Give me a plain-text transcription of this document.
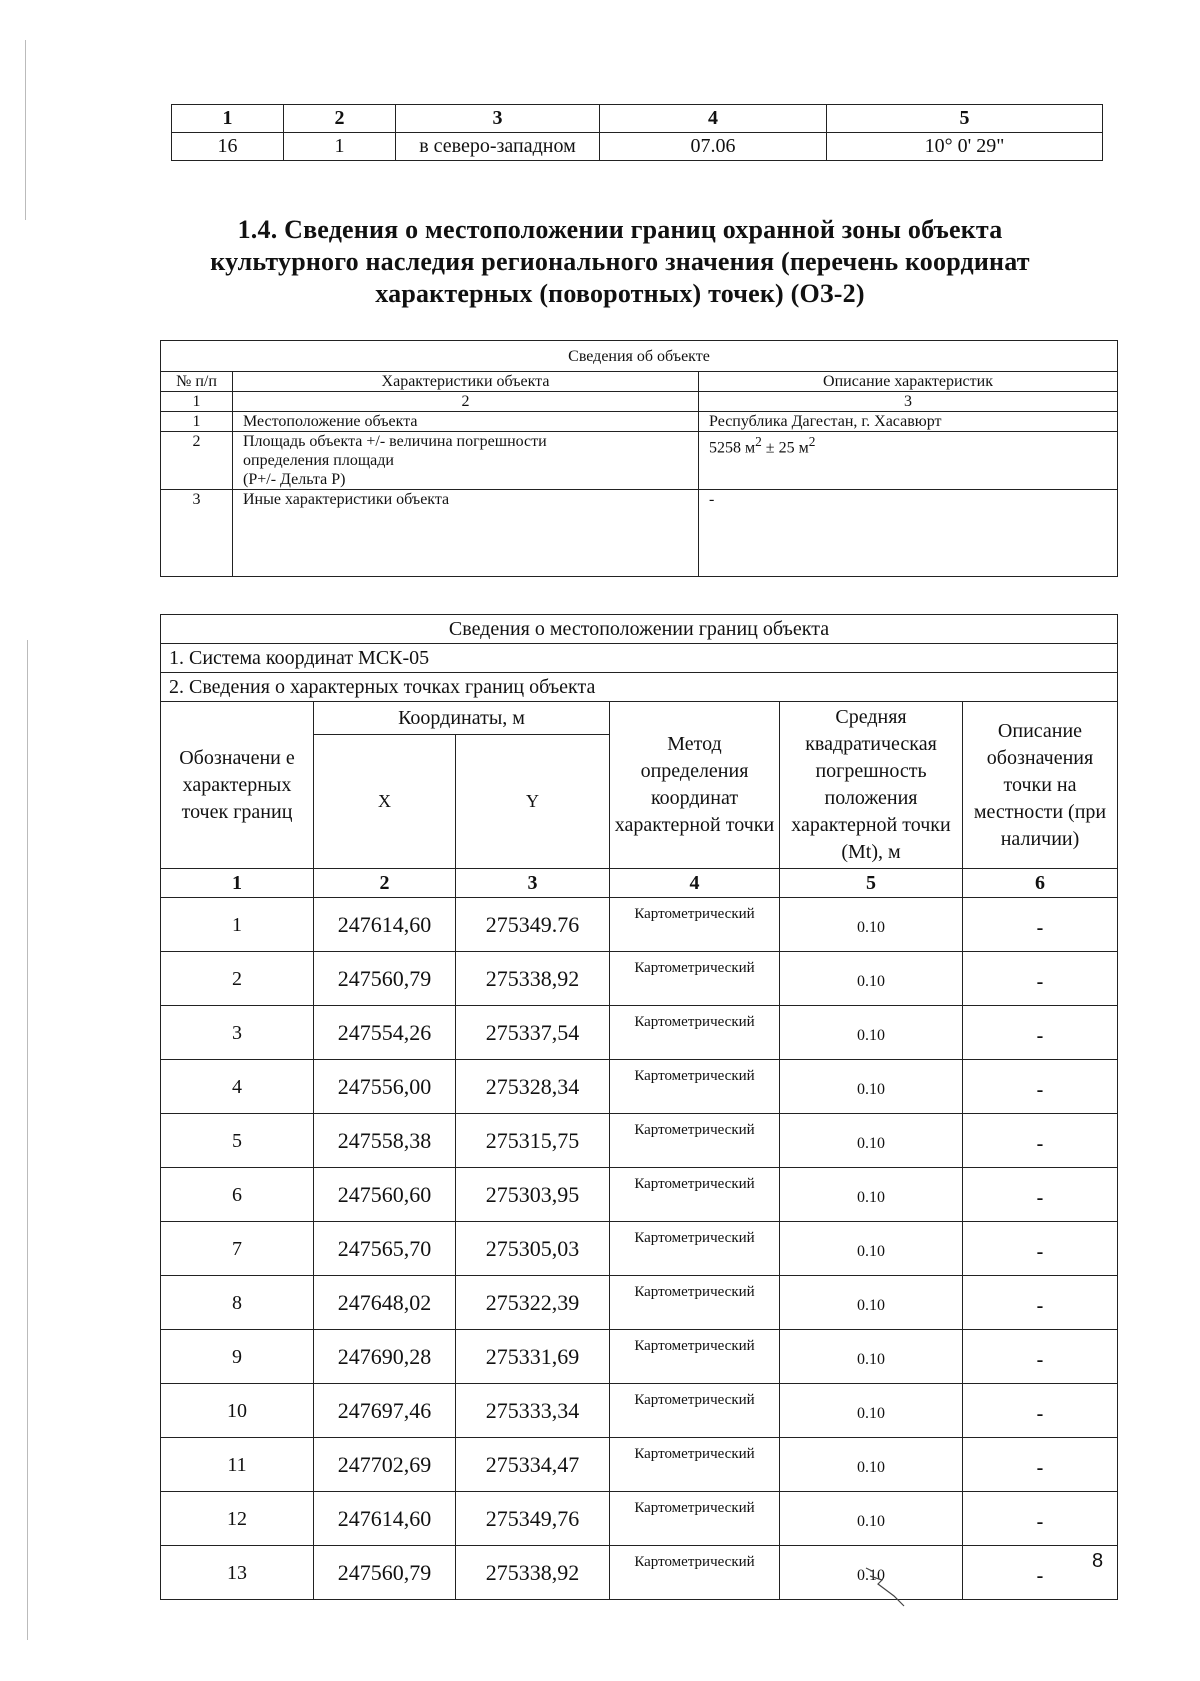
1	2	3	4	5
16	1	в северо-западном	07.06	10° 0' 29"
1.4. Сведения о местоположении границ охранной зоны объекта
культурного наследия регионального значения (перечень координат
характерных (поворотных) точек) (ОЗ-2)
Сведения об объекте		
№ п/п	Характеристики объекта	Описание характеристик
1	2	3
1	Местоположение объекта	Республика Дагестан, г. Хасавюрт
2	Площадь объекта +/- величина погрешности
определения площади
(P+/- Дельта P)	5258 $м^2 \pm 25$ $м^2$
3	Иные характеристики объекта	-
Сведения о местоположении границ объекта					
1. Система координат МСК-05					
2. Сведения о характерных точках границ объекта					
Обозначени е характерных точек границ	Координаты, м		Метод определения координат характерной точки	Средняя квадратическая погрешность положения характерной точки (Mt), м	Описание обозначения точки на местности (при наличии)
	X	Y			
1	2	3	4	5	6
1	247614,60	275349.76	Картометрический	0.10	-
2	247560,79	275338,92	Картометрический	0.10	-
3	247554,26	275337,54	Картометрический	0.10	-
4	247556,00	275328,34	Картометрический	0.10	-
5	247558,38	275315,75	Картометрический	0.10	-
6	247560,60	275303,95	Картометрический	0.10	-
7	247565,70	275305,03	Картометрический	0.10	-
8	247648,02	275322,39	Картометрический	0.10	-
9	247690,28	275331,69	Картометрический	0.10	-
10	247697,46	275333,34	Картометрический	0.10	-
11	247702,69	275334,47	Картометрический	0.10	-
12	247614,60	275349,76	Картометрический	0.10	-
13	247560,79	275338,92	Картометрический	0.10	-
8
